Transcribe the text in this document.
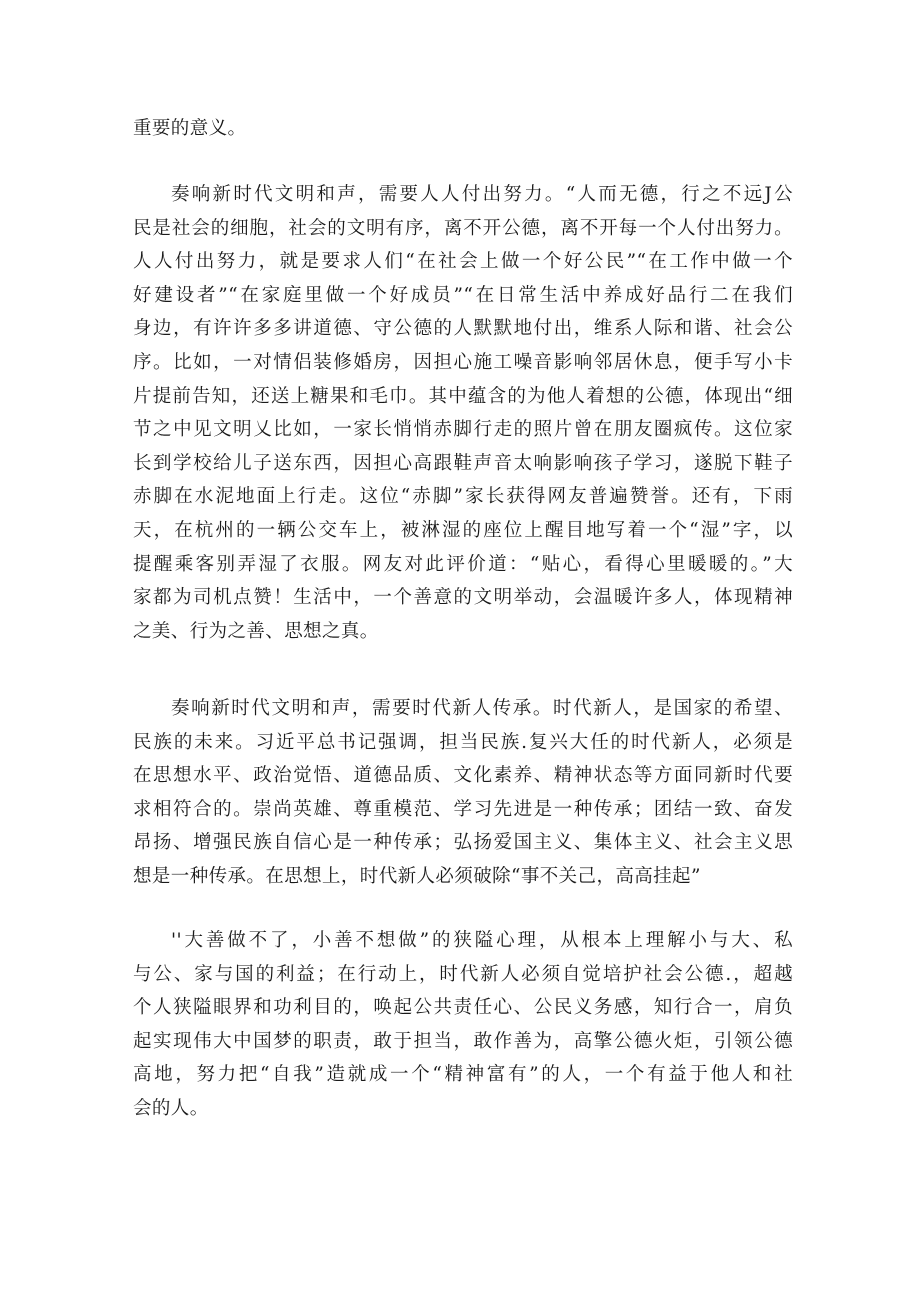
重要的意义。
奏响新时代文明和声，需要人人付出努力。“人而无德，行之不远J公
民是社会的细胞，社会的文明有序，离不开公德，离不开每一个人付出努力。
人人付出努力，就是要求人们“在社会上做一个好公民”“在工作中做一个
好建设者”“在家庭里做一个好成员”“在日常生活中养成好品行二在我们
身边，有许许多多讲道德、守公德的人默默地付出，维系人际和谐、社会公
序。比如，一对情侣装修婚房，因担心施工噪音影响邻居休息，便手写小卡
片提前告知，还送上糖果和毛巾。其中蕴含的为他人着想的公德，体现出“细
节之中见文明乂比如，一家长悄悄赤脚行走的照片曾在朋友圈疯传。这位家
长到学校给儿子送东西，因担心高跟鞋声音太响影响孩子学习，遂脱下鞋子
赤脚在水泥地面上行走。这位“赤脚”家长获得网友普遍赞誉。还有，下雨
天，在杭州的一辆公交车上，被淋湿的座位上醒目地写着一个“湿”字，以
提醒乘客别弄湿了衣服。网友对此评价道：“贴心，看得心里暖暖的。”大
家都为司机点赞！生活中，一个善意的文明举动，会温暖许多人，体现精神
之美、行为之善、思想之真。
奏响新时代文明和声，需要时代新人传承。时代新人，是国家的希望、
民族的未来。习近平总书记强调，担当民族.复兴大任的时代新人，必须是
在思想水平、政治觉悟、道德品质、文化素养、精神状态等方面同新时代要
求相符合的。崇尚英雄、尊重模范、学习先进是一种传承；团结一致、奋发
昂扬、增强民族自信心是一种传承；弘扬爱国主义、集体主义、社会主义思
想是一种传承。在思想上，时代新人必须破除“事不关己，高高挂起”
''大善做不了，小善不想做”的狭隘心理，从根本上理解小与大、私
与公、家与国的利益；在行动上，时代新人必须自觉培护社会公德.，超越
个人狭隘眼界和功利目的，唤起公共责任心、公民义务感，知行合一，肩负
起实现伟大中国梦的职责，敢于担当，敢作善为，高擎公德火炬，引领公德
高地，努力把“自我”造就成一个“精神富有”的人，一个有益于他人和社
会的人。
